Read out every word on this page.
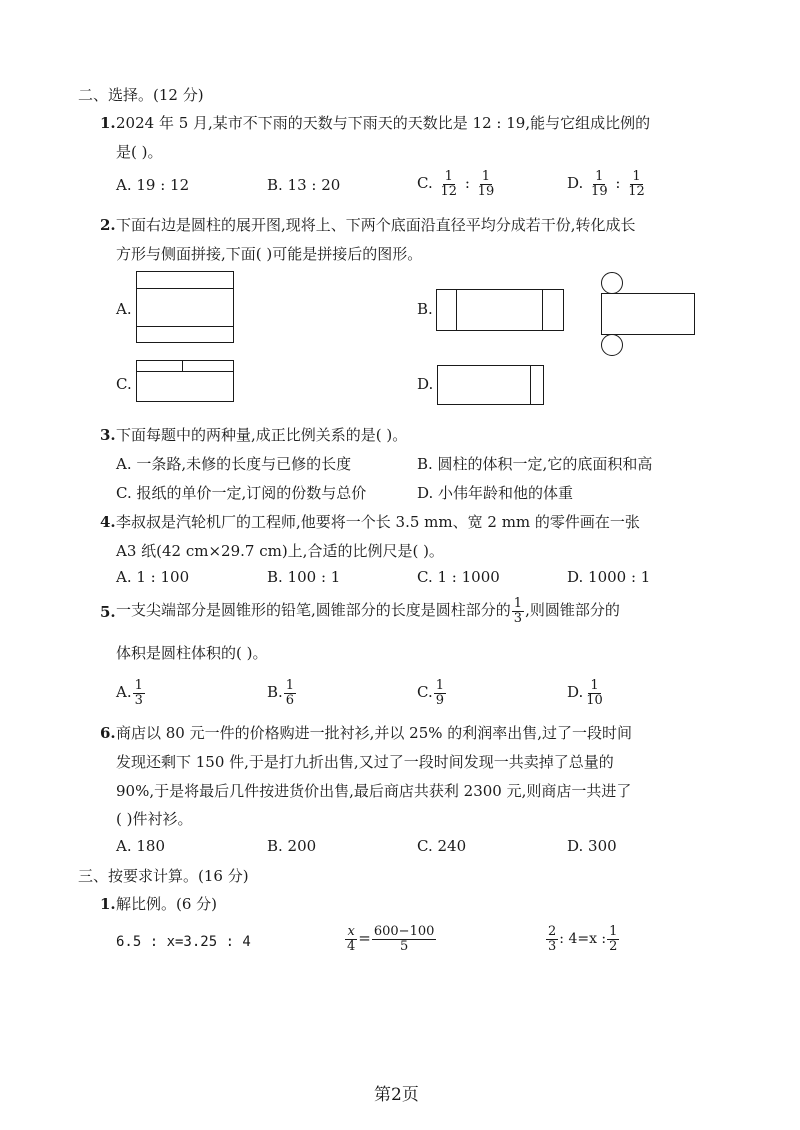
二、选择。(12 分)
1. 2024 年 5 月,某市不下雨的天数与下雨天的天数比是 12 : 19,能与它组成比例的
是( )。
A. 19 : 12	B. 13 : 20	C. $\frac{1}{12}$ : $\frac{1}{19}$	D. $\frac{1}{19}$ : $\frac{1}{12}$
2. 下面右边是圆柱的展开图,现将上、下两个底面沿直径平均分成若干份,转化成长
方形与侧面拼接,下面( )可能是拼接后的图形。
A.	B.
C.	D.
3. 下面每题中的两种量,成正比例关系的是( )。
A. 一条路,未修的长度与已修的长度	B. 圆柱的体积一定,它的底面积和高
C. 报纸的单价一定,订阅的份数与总价	D. 小伟年龄和他的体重
4. 李叔叔是汽轮机厂的工程师,他要将一个长 3.5 mm、宽 2 mm 的零件画在一张
A3 纸(42 cm×29.7 cm)上,合适的比例尺是( )。
A. 1 : 100	B. 100 : 1	C. 1 : 1000	D. 1000 : 1
5. 一支尖端部分是圆锥形的铅笔,圆锥部分的长度是圆柱部分的 $\frac{1}{3}$ ,则圆锥部分的
体积是圆柱体积的( )。
A. $\frac{1}{3}$	B. $\frac{1}{6}$	C. $\frac{1}{9}$	D. $\frac{1}{10}$
6. 商店以 80 元一件的价格购进一批衬衫,并以 25% 的利润率出售,过了一段时间
发现还剩下 150 件,于是打九折出售,又过了一段时间发现一共卖掉了总量的
90%,于是将最后几件按进货价出售,最后商店共获利 2300 元,则商店一共进了
( )件衬衫。
A. 180	B. 200	C. 240	D. 300
三、按要求计算。(16 分)
1. 解比例。(6 分)
6.5 : x=3.25 : 4	$\frac{x}{4} = \frac{600-100}{5}$	$\frac{2}{3}$ : 4=x : $\frac{1}{2}$
第2页
